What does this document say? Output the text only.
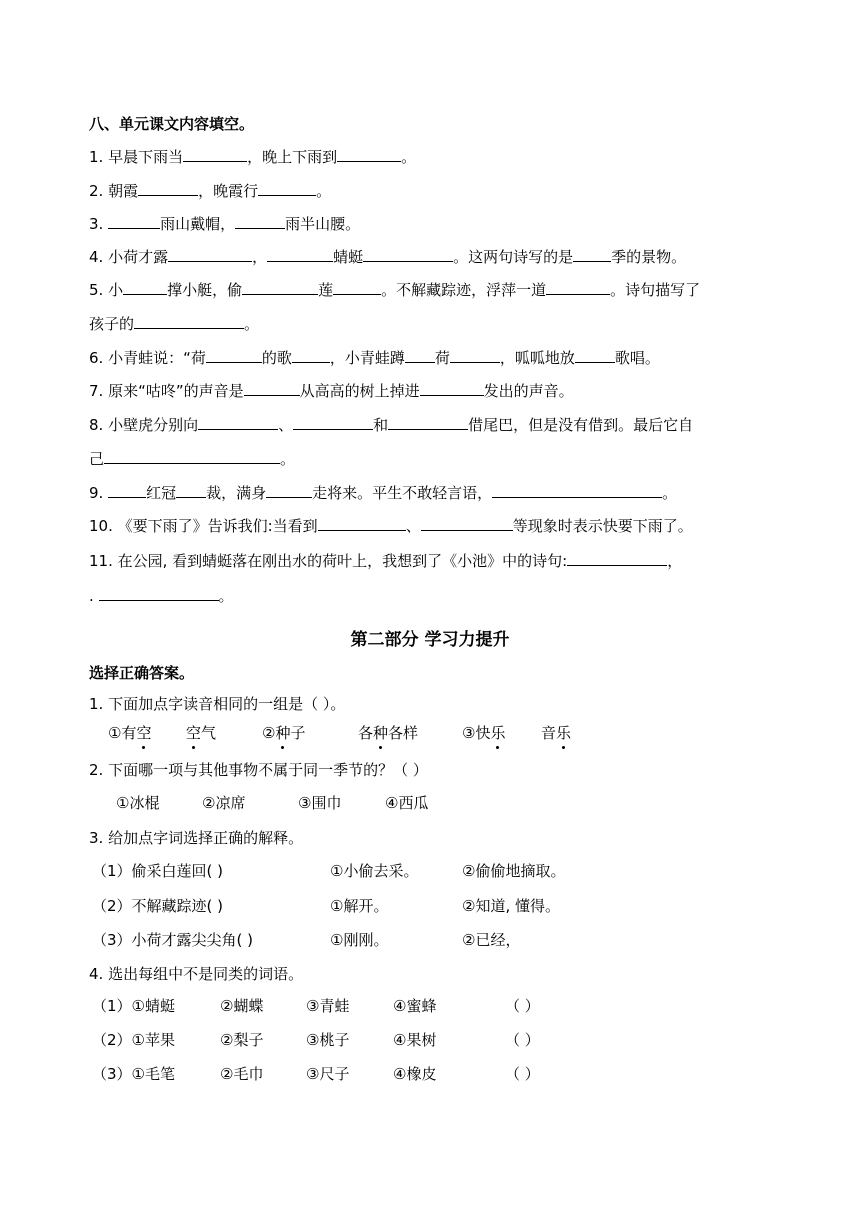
八、单元课文内容填空。
1. 早晨下雨当	，晚上下雨到	。
2. 朝霞	，晚霞行	。
3.	雨山戴帽，	雨半山腰。
4. 小荷才露	，	蜻蜓	。这两句诗写的是	季的景物。
5. 小	撑小艇，偷	莲	。不解藏踪迹，浮萍一道	。诗句描写了
孩子的	。
6. 小青蛙说：“荷	的歌	，小青蛙蹲 荷	，呱呱地放	歌唱。
7. 原来“咕咚”的声音是	从高高的树上掉进	发出的声音。
8. 小壁虎分别向	、	和	借尾巴，但是没有借到。最后它自
己	。
9.	红冠 裁，满身	走将来。平生不敢轻言语，	。
10. 《要下雨了》告诉我们:当看到	、	等现象时表示快要下雨了。
11. 在公园, 看到蜻蜓落在刚出水的荷叶上，我想到了《小池》中的诗句:	，
.	。
第二部分 学习力提升
选择正确答案。
1. 下面加点字读音相同的一组是（ ）。
①有空 空气	②种子	各种各样	③快乐 音乐
2. 下面哪一项与其他事物不属于同一季节的？（ ）
①冰棍	②凉席	③围巾	④西瓜
3. 给加点字词选择正确的解释。
（1）偷采白莲回( )	①小偷去采。	②偷偷地摘取。
（2）不解藏踪迹( )	①解开。	②知道, 懂得。
（3）小荷才露尖尖角( )	①刚刚。	②已经，
4. 选出每组中不是同类的词语。
（1）①蜻蜓	②蝴蝶	③青蛙	④蜜蜂	（ ）
（2）①苹果	②梨子	③桃子	④果树	（ ）
（3）①毛笔	②毛巾	③尺子	④橡皮	（ ）
